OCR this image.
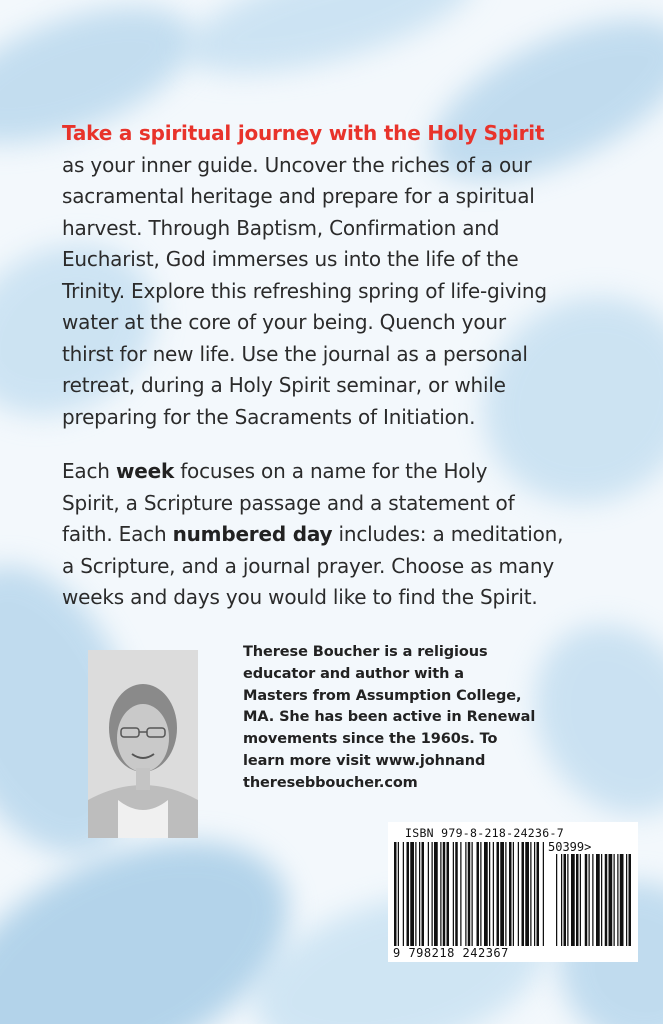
Take a spiritual journey with the Holy Spirit
as your inner guide. Uncover the riches of a our
sacramental heritage and prepare for a spiritual
harvest. Through Baptism, Confirmation and
Eucharist, God immerses us into the life of the
Trinity. Explore this refreshing spring of life-giving
water at the core of your being. Quench your
thirst for new life. Use the journal as a personal
retreat, during a Holy Spirit seminar, or while
preparing for the Sacraments of Initiation.
Each week focuses on a name for the Holy
Spirit, a Scripture passage and a statement of
faith. Each numbered day includes: a meditation,
a Scripture, and a journal prayer. Choose as many
weeks and days you would like to find the Spirit.
Therese Boucher is a religious
educator and author with a
Masters from Assumption College,
MA. She has been active in Renewal
movements since the 1960s. To
learn more visit www.johnand
theresebboucher.com
ISBN 979-8-218-24236-7
50399>
9 798218 242367
